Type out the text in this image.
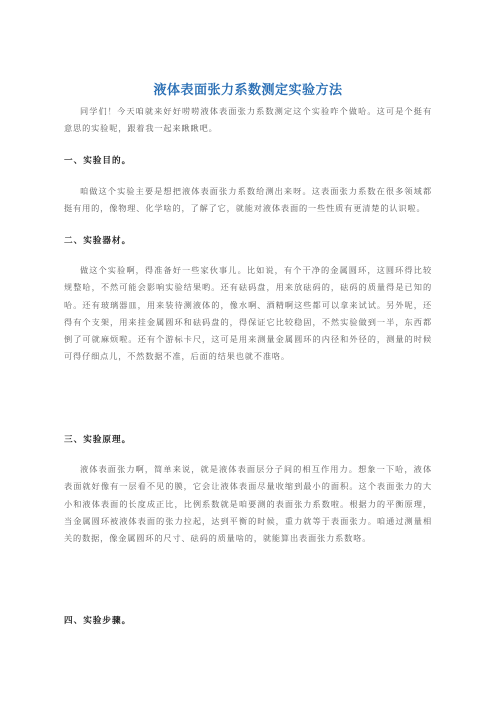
液体表面张力系数测定实验方法

同学们！今天咱就来好好唠唠液体表面张力系数测定这个实验咋个做哈。这可是个挺有意思的实验呢，跟着我一起来瞅瞅吧。

一、实验目的。

咱做这个实验主要是想把液体表面张力系数给测出来呀。这表面张力系数在很多领域都挺有用的，像物理、化学啥的，了解了它，就能对液体表面的一些性质有更清楚的认识啦。

二、实验器材。

做这个实验啊，得准备好一些家伙事儿。比如说，有个干净的金属圆环，这圆环得比较规整哈，不然可能会影响实验结果哟。还有砝码盘，用来放砝码的，砝码的质量得是已知的哈。还有玻璃器皿，用来装待测液体的，像水啊、酒精啊这些都可以拿来试试。另外呢，还得有个支架，用来挂金属圆环和砝码盘的，得保证它比较稳固，不然实验做到一半，东西都倒了可就麻烦啦。还有个游标卡尺，这可是用来测量金属圆环的内径和外径的，测量的时候可得仔细点儿，不然数据不准，后面的结果也就不准咯。

三、实验原理。

液体表面张力啊，简单来说，就是液体表面层分子间的相互作用力。想象一下哈，液体表面就好像有一层看不见的膜，它会让液体表面尽量收缩到最小的面积。这个表面张力的大小和液体表面的长度成正比，比例系数就是咱要测的表面张力系数啦。根据力的平衡原理，当金属圆环被液体表面的张力拉起，达到平衡的时候，重力就等于表面张力。咱通过测量相关的数据，像金属圆环的尺寸、砝码的质量啥的，就能算出表面张力系数咯。

四、实验步骤。
